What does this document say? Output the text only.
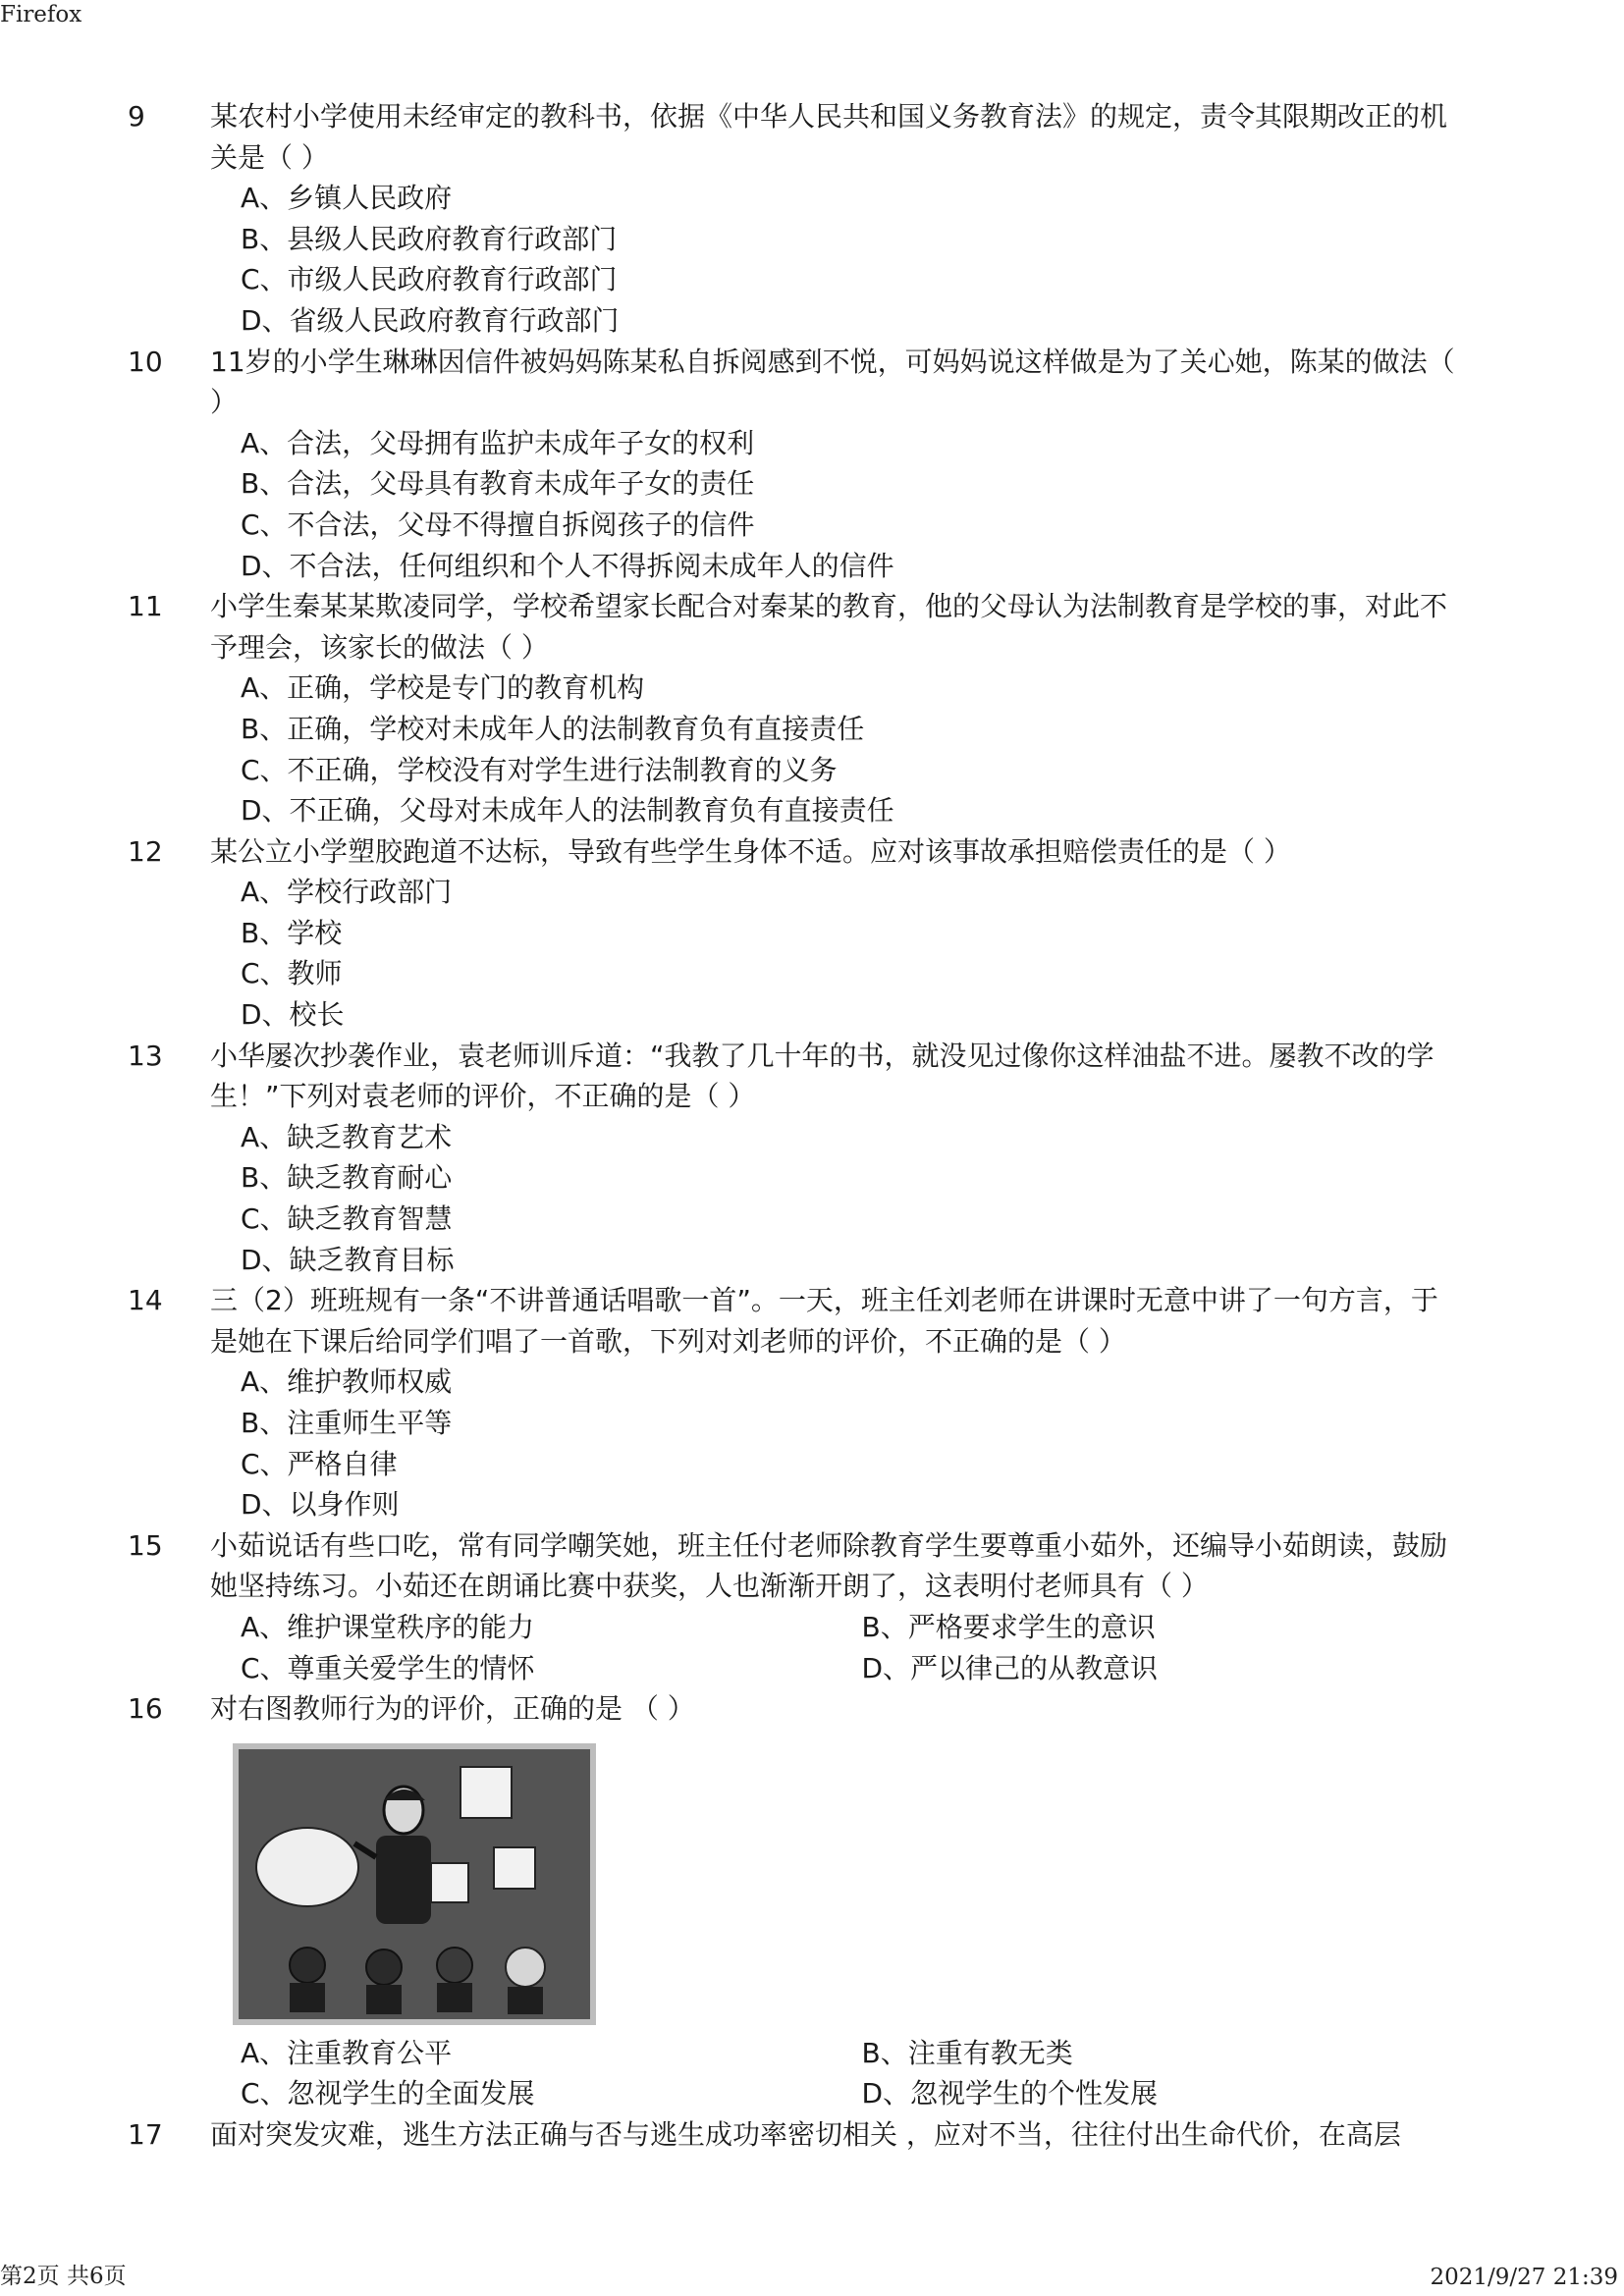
Firefox
9	某农村小学使用未经审定的教科书，依据《中华人民共和国义务教育法》的规定，责令其限期改正的机关是（ ）
A、乡镇人民政府
B、县级人民政府教育行政部门
C、市级人民政府教育行政部门
D、省级人民政府教育行政部门
10	11岁的小学生琳琳因信件被妈妈陈某私自拆阅感到不悦，可妈妈说这样做是为了关心她，陈某的做法（ ）
A、合法，父母拥有监护未成年子女的权利
B、合法，父母具有教育未成年子女的责任
C、不合法，父母不得擅自拆阅孩子的信件
D、不合法，任何组织和个人不得拆阅未成年人的信件
11	小学生秦某某欺凌同学，学校希望家长配合对秦某的教育，他的父母认为法制教育是学校的事，对此不予理会，该家长的做法（ ）
A、正确，学校是专门的教育机构
B、正确，学校对未成年人的法制教育负有直接责任
C、不正确，学校没有对学生进行法制教育的义务
D、不正确，父母对未成年人的法制教育负有直接责任
12	某公立小学塑胶跑道不达标，导致有些学生身体不适。应对该事故承担赔偿责任的是（ ）
A、学校行政部门
B、学校
C、教师
D、校长
13	小华屡次抄袭作业，袁老师训斥道：“我教了几十年的书，就没见过像你这样油盐不进。屡教不改的学生！”下列对袁老师的评价，不正确的是（ ）
A、缺乏教育艺术
B、缺乏教育耐心
C、缺乏教育智慧
D、缺乏教育目标
14	三（2）班班规有一条“不讲普通话唱歌一首”。一天，班主任刘老师在讲课时无意中讲了一句方言，于是她在下课后给同学们唱了一首歌，下列对刘老师的评价，不正确的是（ ）
A、维护教师权威
B、注重师生平等
C、严格自律
D、以身作则
15	小茹说话有些口吃，常有同学嘲笑她，班主任付老师除教育学生要尊重小茹外，还编导小茹朗读，鼓励她坚持练习。小茹还在朗诵比赛中获奖，人也渐渐开朗了，这表明付老师具有（ ）
A、维护课堂秩序的能力	B、严格要求学生的意识
C、尊重关爱学生的情怀	D、严以律己的从教意识
16	对右图教师行为的评价，正确的是 （ ）
A、注重教育公平	B、注重有教无类
C、忽视学生的全面发展	D、忽视学生的个性发展
17	面对突发灾难，逃生方法正确与否与逃生成功率密切相关 ，应对不当，往往付出生命代价，在高层
第2页 共6页	2021/9/27 21:39
